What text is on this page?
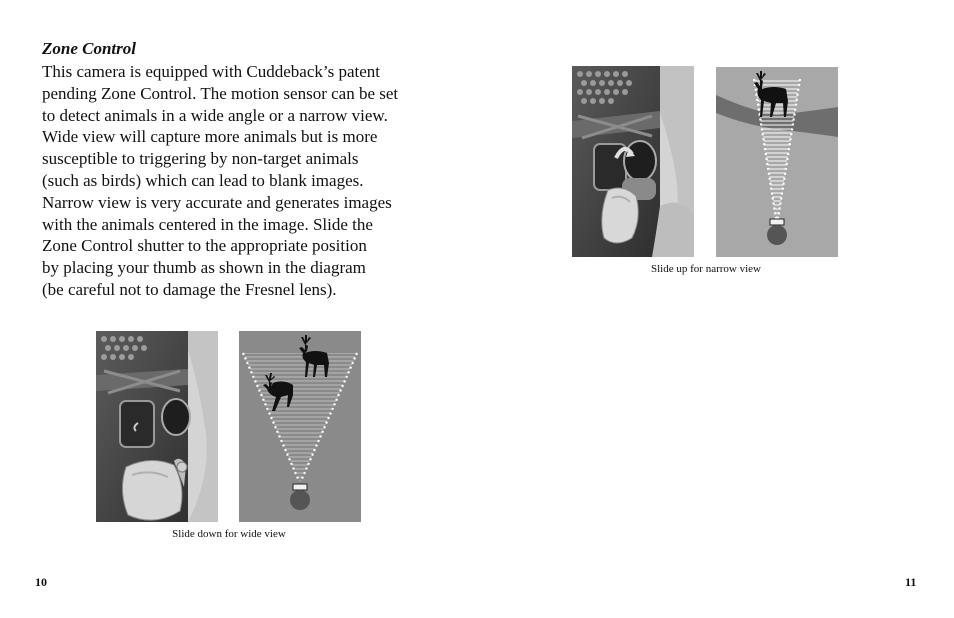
Zone Control
This camera is equipped with Cuddeback’s patent
pending Zone Control. The motion sensor can be set
to detect animals in a wide angle or a narrow view.
Wide view will capture more animals but is more
susceptible to triggering by non-target animals
(such as birds) which can lead to blank images.
Narrow view is very accurate and generates images
with the animals centered in the image. Slide the
Zone Control shutter to the appropriate position
by placing your thumb as shown in the diagram
(be careful not to damage the Fresnel lens).
Slide up for narrow view
Slide down for wide view
10	11
